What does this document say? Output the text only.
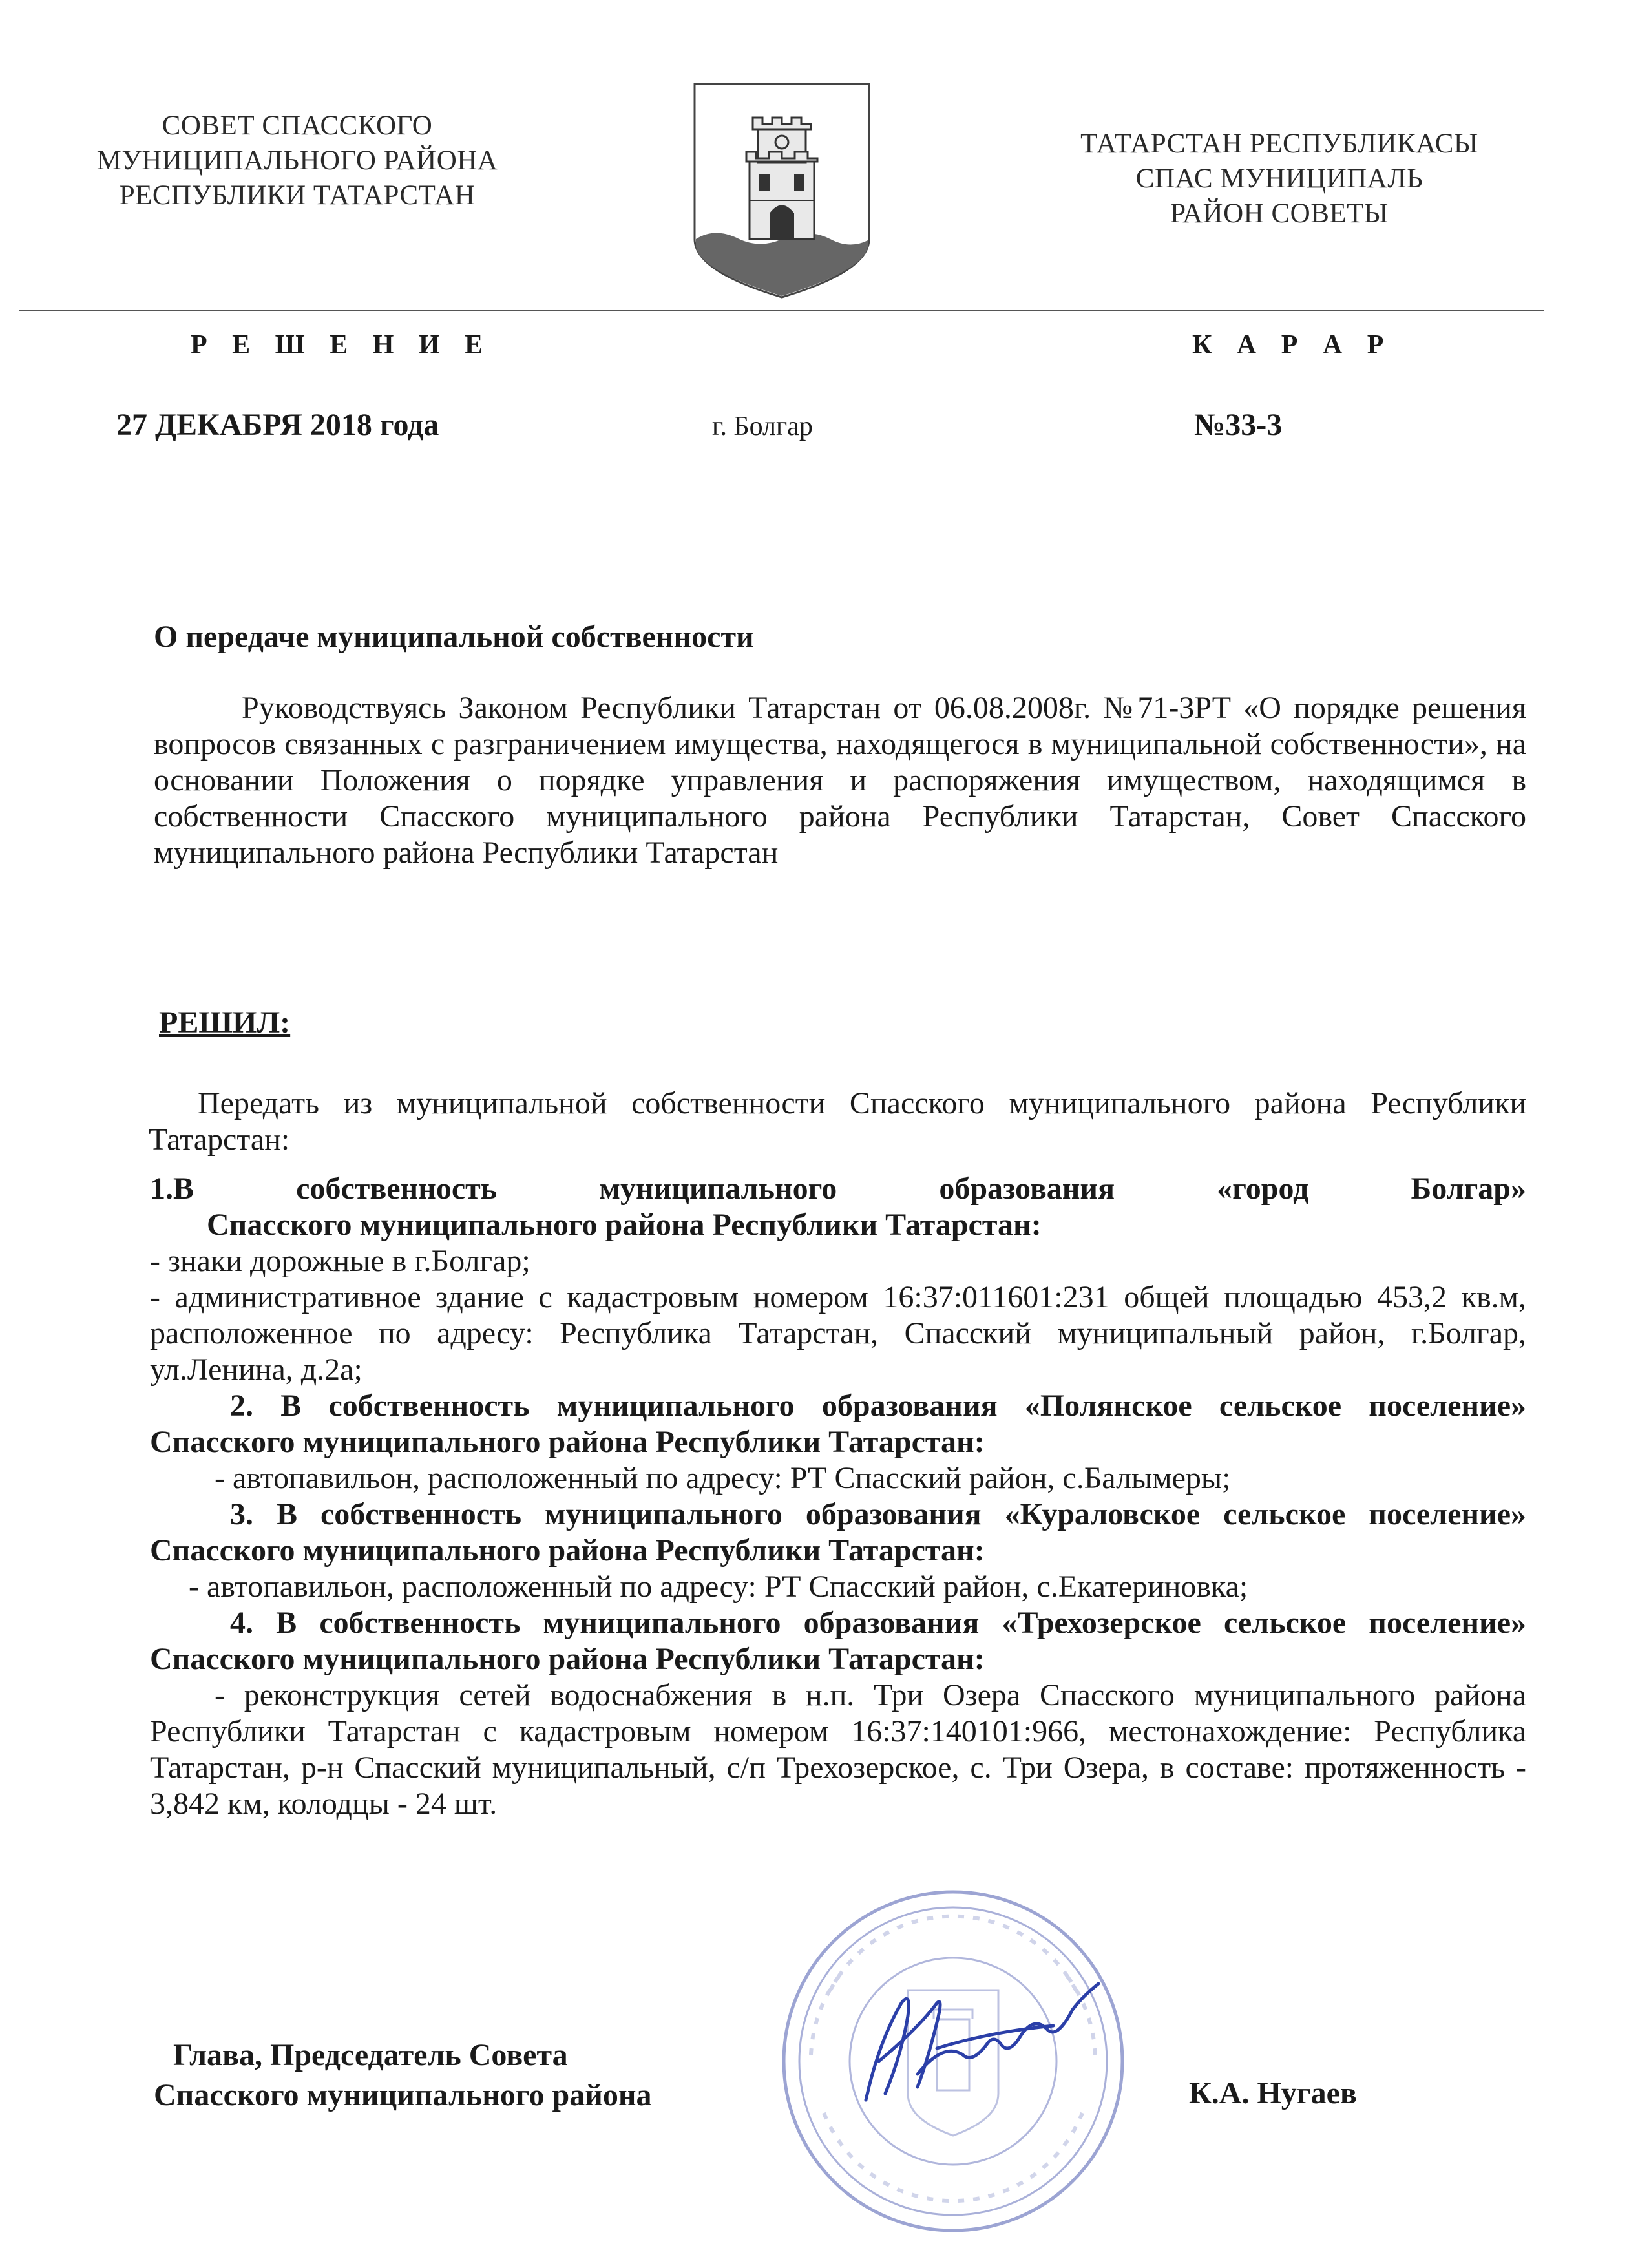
СОВЕТ СПАССКОГО
МУНИЦИПАЛЬНОГО РАЙОНА
РЕСПУБЛИКИ ТАТАРСТАН
ТАТАРСТАН РЕСПУБЛИКАСЫ
СПАС МУНИЦИПАЛЬ
РАЙОН СОВЕТЫ
Р Е Ш Е Н И Е	К А Р А Р
27 ДЕКАБРЯ 2018 года	г. Болгар	№33-3
О передаче муниципальной собственности
Руководствуясь Законом Республики Татарстан от 06.08.2008г. №71-ЗРТ «О порядке решения вопросов связанных с разграничением имущества, находящегося в муниципальной собственности», на основании Положения о порядке управления и распоряжения имуществом, находящимся в собственности Спасского муниципального района Республики Татарстан, Совет Спасского муниципального района Республики Татарстан
РЕШИЛ:
Передать из муниципальной собственности Спасского муниципального района Республики Татарстан:
1.В собственность муниципального образования «город Болгар»
Спасского муниципального района Республики Татарстан:
- знаки дорожные в г.Болгар;
- административное здание с кадастровым номером 16:37:011601:231 общей площадью 453,2 кв.м, расположенное по адресу: Республика Татарстан, Спасский муниципальный район, г.Болгар, ул.Ленина, д.2а;
2. В собственность муниципального образования «Полянское сельское поселение» Спасского муниципального района Республики Татарстан:
- автопавильон, расположенный по адресу: РТ Спасский район, с.Балымеры;
3. В собственность муниципального образования «Кураловское сельское поселение» Спасского муниципального района Республики Татарстан:
- автопавильон, расположенный по адресу: РТ Спасский район, с.Екатериновка;
4. В собственность муниципального образования «Трехозерское сельское поселение» Спасского муниципального района Республики Татарстан:
- реконструкция сетей водоснабжения в н.п. Три Озера Спасского муниципального района Республики Татарстан с кадастровым номером 16:37:140101:966, местонахождение: Республика Татарстан, р-н Спасский муниципальный, с/п Трехозерское, с. Три Озера, в составе: протяженность - 3,842 км, колодцы - 24 шт.
Глава, Председатель Совета
Спасского муниципального района	К.А. Нугаев
